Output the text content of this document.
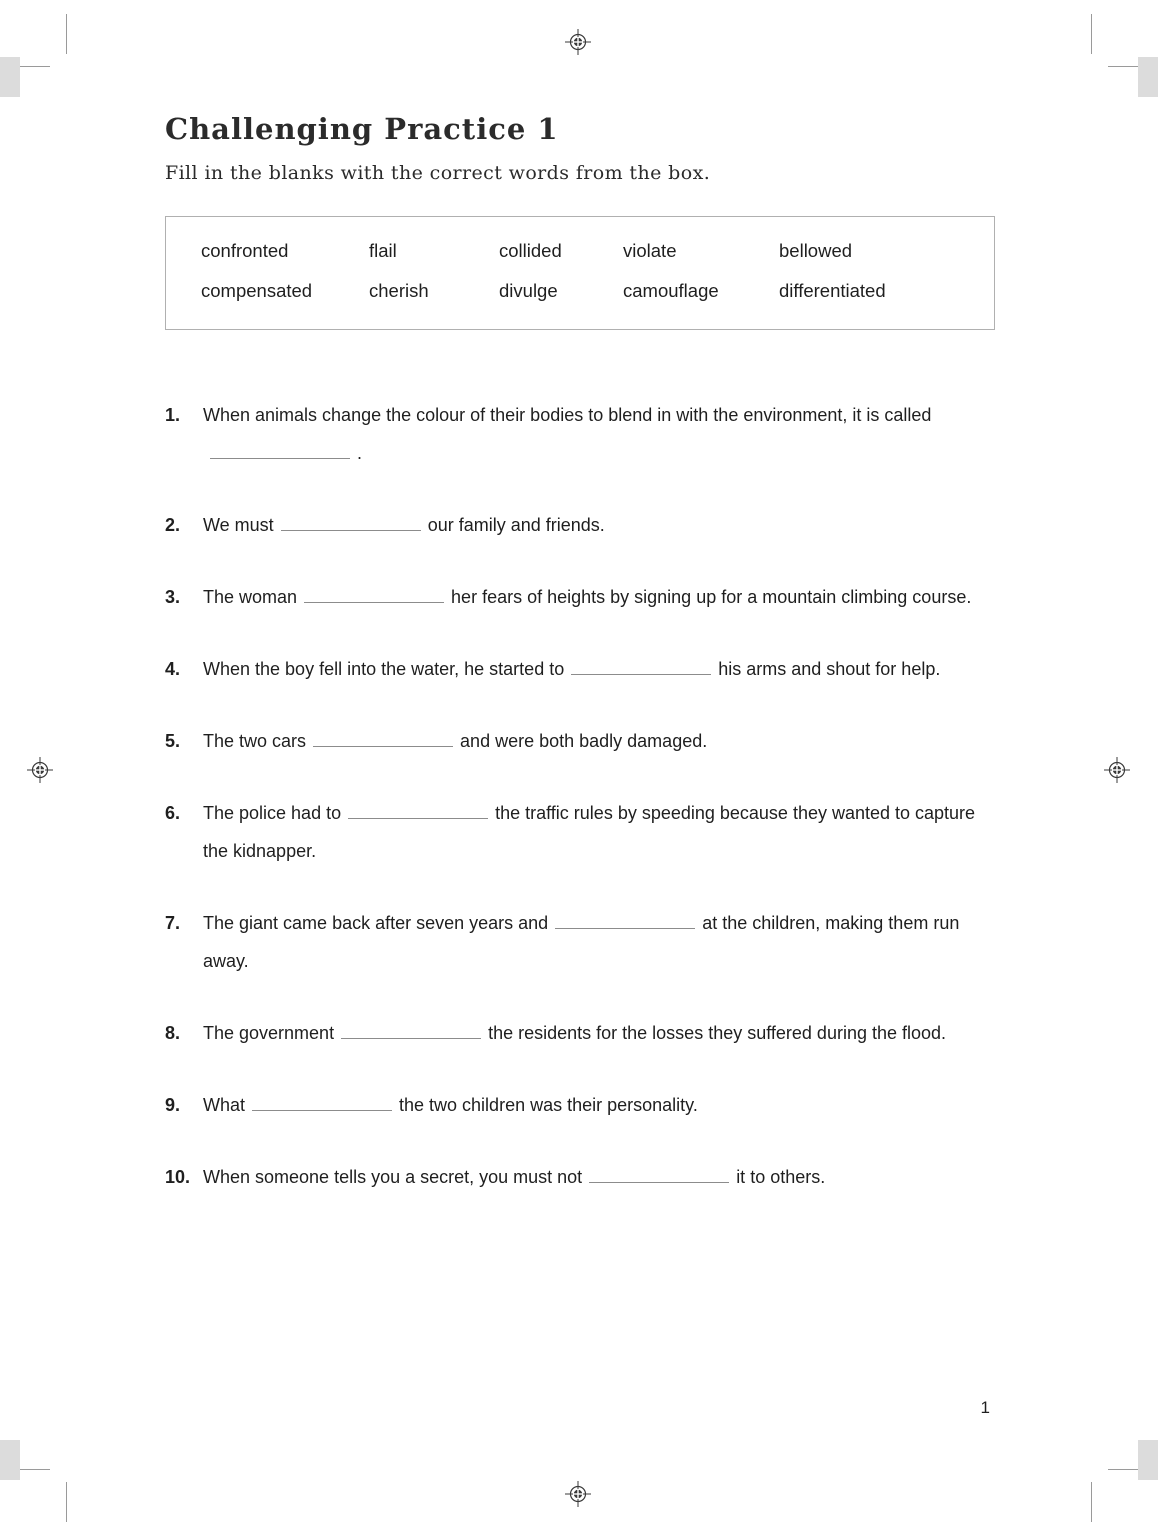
Challenging Practice 1

Fill in the blanks with the correct words from the box.

confronted	flail	collided	violate	bellowed
compensated	cherish	divulge	camouflage	differentiated
1.	When animals change the colour of their bodies to blend in with the environment, it is called.
2.	We must	our family and friends.
3.	The woman	her fears of heights by signing up for a mountain climbing course.
4.	When the boy fell into the water, he started to	his arms and shout for help.
5.	The two cars	and were both badly damaged.
6.	The police had to	the traffic rules by speeding because they wanted to capture the kidnapper.
7.	The giant came back after seven years and	at the children, making them run away.
8.	The government	the residents for the losses they suffered during the flood.
9.	What	the two children was their personality.
10. When someone tells you a secret, you must not	it to others.
1
